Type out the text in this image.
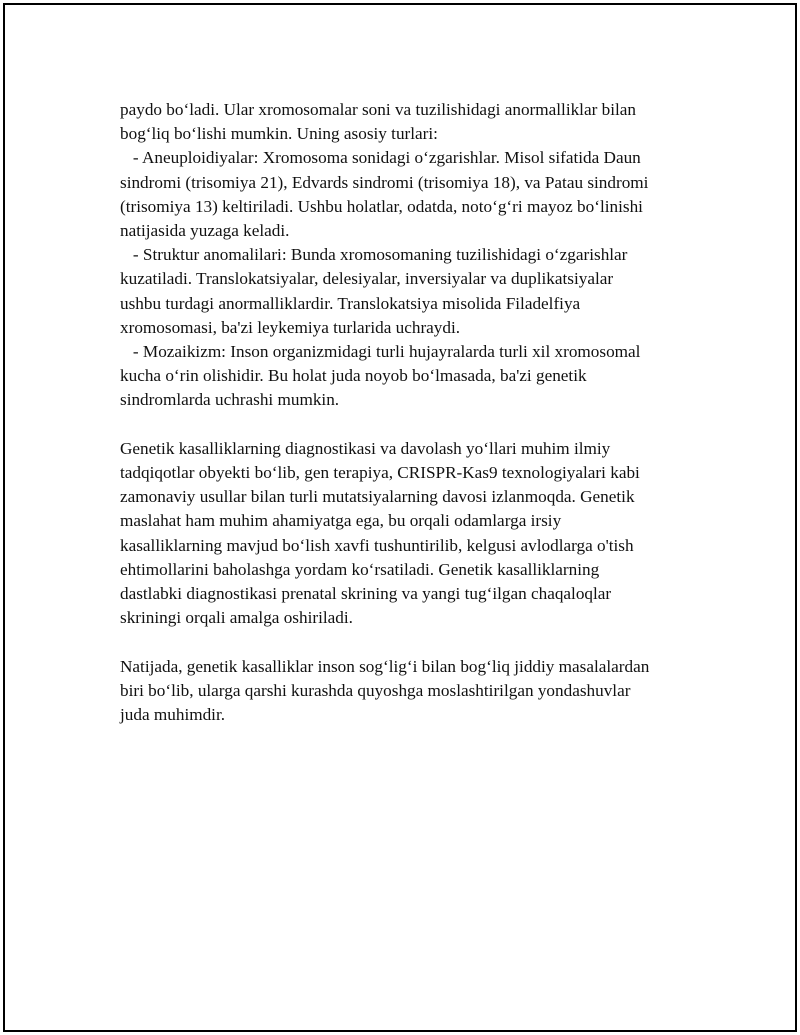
paydo bo‘ladi. Ular xromosomalar soni va tuzilishidagi anormalliklar bilan
bog‘liq bo‘lishi mumkin. Uning asosiy turlari:
- Aneuploidiyalar: Xromosoma sonidagi o‘zgarishlar. Misol sifatida Daun
sindromi (trisomiya 21), Edvards sindromi (trisomiya 18), va Patau sindromi
(trisomiya 13) keltiriladi. Ushbu holatlar, odatda, noto‘g‘ri mayoz bo‘linishi
natijasida yuzaga keladi.
- Struktur anomalilari: Bunda xromosomaning tuzilishidagi o‘zgarishlar
kuzatiladi. Translokatsiyalar, delesiyalar, inversiyalar va duplikatsiyalar
ushbu turdagi anormalliklardir. Translokatsiya misolida Filadelfiya
xromosomasi, ba'zi leykemiya turlarida uchraydi.
- Mozaikizm: Inson organizmidagi turli hujayralarda turli xil xromosomal
kucha o‘rin olishidir. Bu holat juda noyob bo‘lmasada, ba'zi genetik
sindromlarda uchrashi mumkin.

Genetik kasalliklarning diagnostikasi va davolash yo‘llari muhim ilmiy
tadqiqotlar obyekti bo‘lib, gen terapiya, CRISPR-Kas9 texnologiyalari kabi
zamonaviy usullar bilan turli mutatsiyalarning davosi izlanmoqda. Genetik
maslahat ham muhim ahamiyatga ega, bu orqali odamlarga irsiy
kasalliklarning mavjud bo‘lish xavfi tushuntirilib, kelgusi avlodlarga o'tish
ehtimollarini baholashga yordam ko‘rsatiladi. Genetik kasalliklarning
dastlabki diagnostikasi prenatal skrining va yangi tug‘ilgan chaqaloqlar
skriningi orqali amalga oshiriladi.

Natijada, genetik kasalliklar inson sog‘lig‘i bilan bog‘liq jiddiy masalalardan
biri bo‘lib, ularga qarshi kurashda quyoshga moslashtirilgan yondashuvlar
juda muhimdir.
